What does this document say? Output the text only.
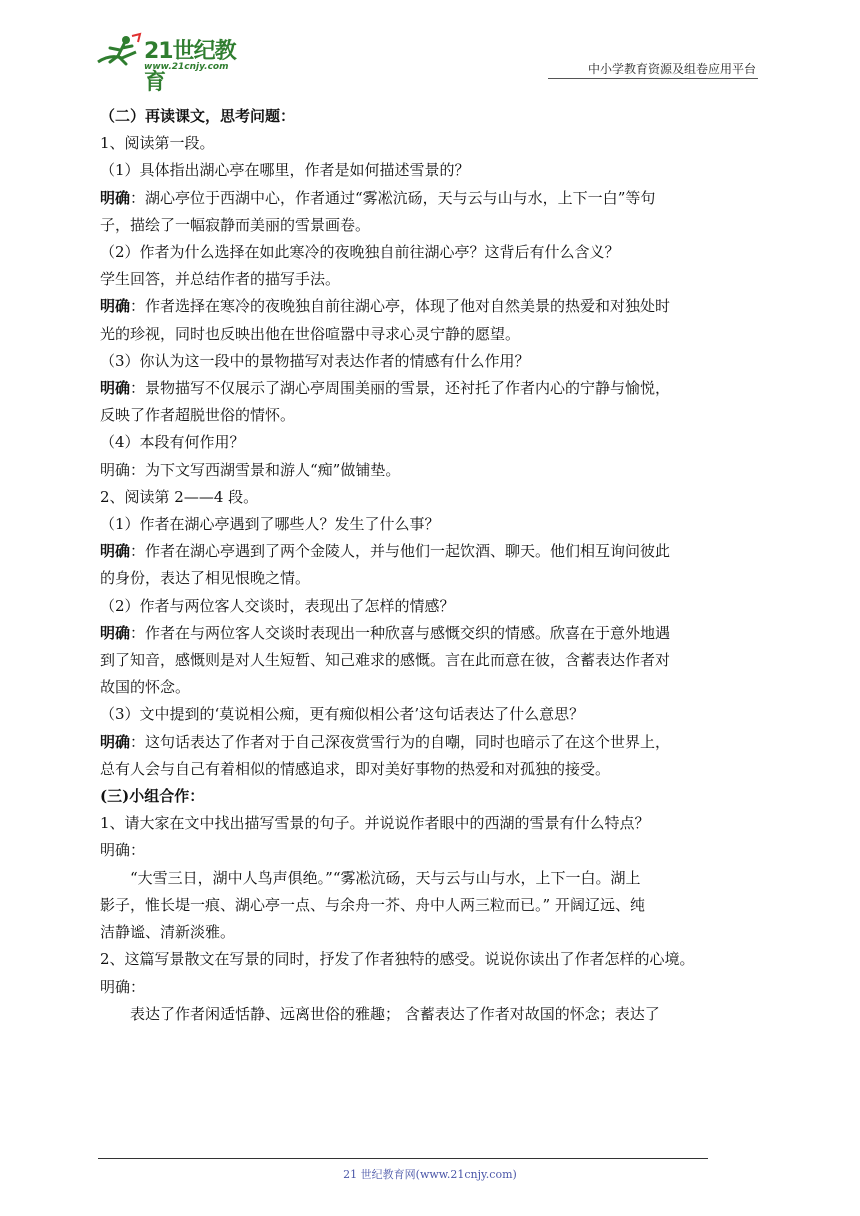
21世纪教育
www.21cnjy.com	中小学教育资源及组卷应用平台
（二）再读课文，思考问题：
1、阅读第一段。
（1）具体指出湖心亭在哪里，作者是如何描述雪景的？
明确：湖心亭位于西湖中心，作者通过“雾凇沆砀，天与云与山与水，上下一白”等句
子，描绘了一幅寂静而美丽的雪景画卷。
（2）作者为什么选择在如此寒冷的夜晚独自前往湖心亭？这背后有什么含义？
学生回答，并总结作者的描写手法。
明确：作者选择在寒冷的夜晚独自前往湖心亭，体现了他对自然美景的热爱和对独处时
光的珍视，同时也反映出他在世俗喧嚣中寻求心灵宁静的愿望。
（3）你认为这一段中的景物描写对表达作者的情感有什么作用？
明确：景物描写不仅展示了湖心亭周围美丽的雪景，还衬托了作者内心的宁静与愉悦，
反映了作者超脱世俗的情怀。
（4）本段有何作用？
明确：为下文写西湖雪景和游人“痴”做铺垫。
2、阅读第 2——4 段。
（1）作者在湖心亭遇到了哪些人？发生了什么事？
明确：作者在湖心亭遇到了两个金陵人，并与他们一起饮酒、聊天。他们相互询问彼此
的身份，表达了相见恨晚之情。
（2）作者与两位客人交谈时，表现出了怎样的情感？
明确：作者在与两位客人交谈时表现出一种欣喜与感慨交织的情感。欣喜在于意外地遇
到了知音，感慨则是对人生短暂、知己难求的感慨。言在此而意在彼，含蓄表达作者对
故国的怀念。
（3）文中提到的‘莫说相公痴，更有痴似相公者’这句话表达了什么意思？
明确：这句话表达了作者对于自己深夜赏雪行为的自嘲，同时也暗示了在这个世界上，
总有人会与自己有着相似的情感追求，即对美好事物的热爱和对孤独的接受。
(三)小组合作：
1、请大家在文中找出描写雪景的句子。并说说作者眼中的西湖的雪景有什么特点？
明确：
“大雪三日，湖中人鸟声俱绝。”“雾凇沆砀，天与云与山与水，上下一白。湖上
影子，惟长堤一痕、湖心亭一点、与余舟一芥、舟中人两三粒而已。” 开阔辽远、纯
洁静谧、清新淡雅。
2、这篇写景散文在写景的同时，抒发了作者独特的感受。说说你读出了作者怎样的心境。
明确：
表达了作者闲适恬静、远离世俗的雅趣； 含蓄表达了作者对故国的怀念；表达了
21 世纪教育网(www.21cnjy.com)
